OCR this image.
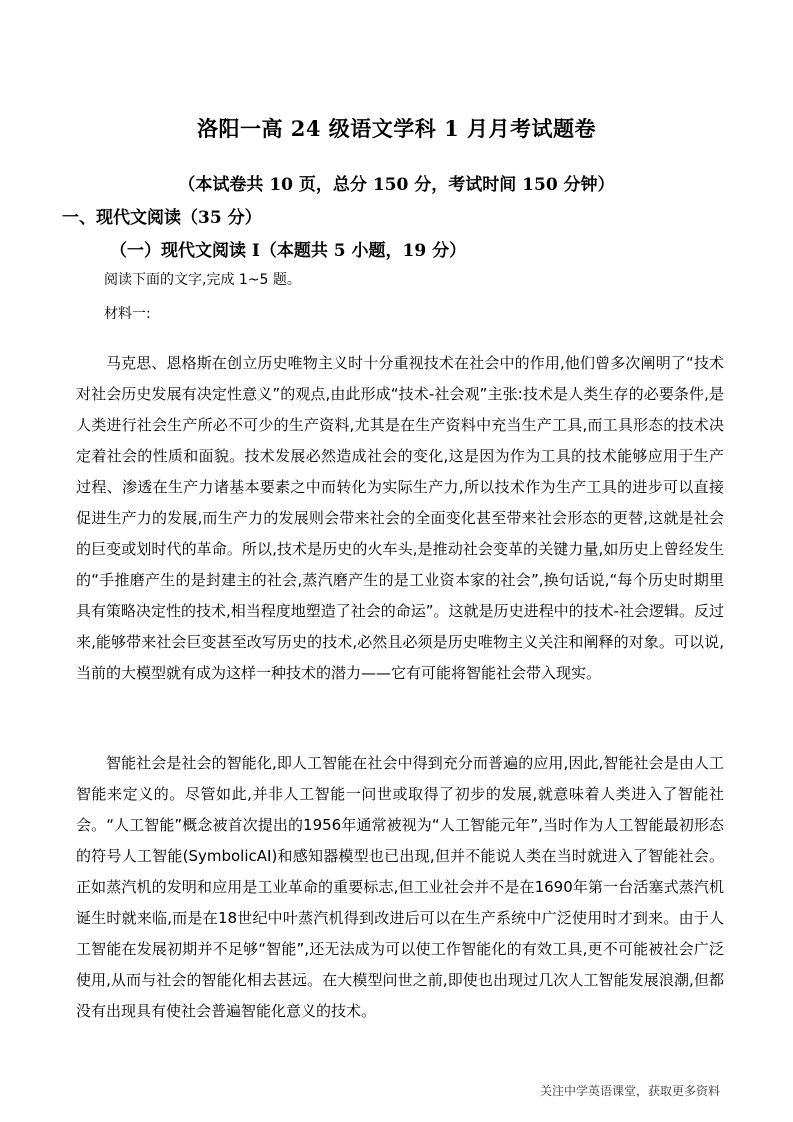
洛阳一高 24 级语文学科 1 月月考试题卷
（本试卷共 10 页，总分 150 分，考试时间 150 分钟）
一、现代文阅读（35 分）
（一）现代文阅读 I（本题共 5 小题，19 分）
阅读下面的文字,完成 1~5 题。
材料一:

马克思、恩格斯在创立历史唯物主义时十分重视技术在社会中的作用,他们曾多次阐明了“技术对社会历史发展有决定性意义”的观点,由此形成“技术-社会观”主张:技术是人类生存的必要条件,是人类进行社会生产所必不可少的生产资料,尤其是在生产资料中充当生产工具,而工具形态的技术决定着社会的性质和面貌。技术发展必然造成社会的变化,这是因为作为工具的技术能够应用于生产过程、渗透在生产力诸基本要素之中而转化为实际生产力,所以技术作为生产工具的进步可以直接促进生产力的发展,而生产力的发展则会带来社会的全面变化甚至带来社会形态的更替,这就是社会的巨变或划时代的革命。所以,技术是历史的火车头,是推动社会变革的关键力量,如历史上曾经发生的“手推磨产生的是封建主的社会,蒸汽磨产生的是工业资本家的社会”,换句话说,“每个历史时期里具有策略决定性的技术,相当程度地塑造了社会的命运”。这就是历史进程中的技术-社会逻辑。反过来,能够带来社会巨变甚至改写历史的技术,必然且必须是历史唯物主义关注和阐释的对象。可以说,当前的大模型就有成为这样一种技术的潜力——它有可能将智能社会带入现实。

智能社会是社会的智能化,即人工智能在社会中得到充分而普遍的应用,因此,智能社会是由人工智能来定义的。尽管如此,并非人工智能一问世或取得了初步的发展,就意味着人类进入了智能社会。“人工智能”概念被首次提出的1956年通常被视为“人工智能元年”,当时作为人工智能最初形态的符号人工智能(SymbolicAI)和感知器模型也已出现,但并不能说人类在当时就进入了智能社会。正如蒸汽机的发明和应用是工业革命的重要标志,但工业社会并不是在1690年第一台活塞式蒸汽机诞生时就来临,而是在18世纪中叶蒸汽机得到改进后可以在生产系统中广泛使用时才到来。由于人工智能在发展初期并不足够“智能”,还无法成为可以使工作智能化的有效工具,更不可能被社会广泛使用,从而与社会的智能化相去甚远。在大模型问世之前,即使也出现过几次人工智能发展浪潮,但都没有出现具有使社会普遍智能化意义的技术。

关注中学英语课堂，获取更多资料
